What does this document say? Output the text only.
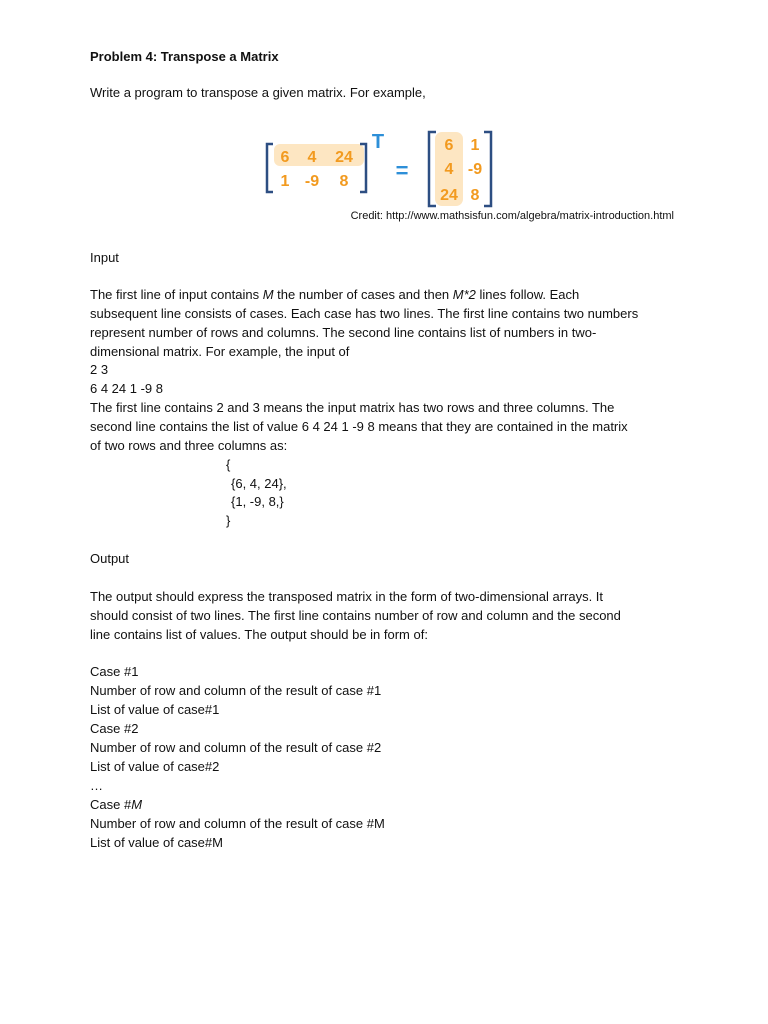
Problem 4: Transpose a Matrix
Write a program to transpose a given matrix. For example,
6 4 24
1 -9 8
T
=
6 1
4 -9
24 8
Credit: http://www.mathsisfun.com/algebra/matrix-introduction.html
Input
The first line of input contains M the number of cases and then M*2 lines follow. Each
subsequent line consists of cases. Each case has two lines. The first line contains two numbers
represent number of rows and columns. The second line contains list of numbers in two-
dimensional matrix. For example, the input of
2 3
6 4 24 1 -9 8
The first line contains 2 and 3 means the input matrix has two rows and three columns. The
second line contains the list of value 6 4 24 1 -9 8 means that they are contained in the matrix
of two rows and three columns as:
{
{6, 4, 24},
{1, -9, 8,}
}
Output
The output should express the transposed matrix in the form of two-dimensional arrays. It
should consist of two lines. The first line contains number of row and column and the second
line contains list of values. The output should be in form of:
Case #1
Number of row and column of the result of case #1
List of value of case#1
Case #2
Number of row and column of the result of case #2
List of value of case#2
…
Case #M
Number of row and column of the result of case #M
List of value of case#M
